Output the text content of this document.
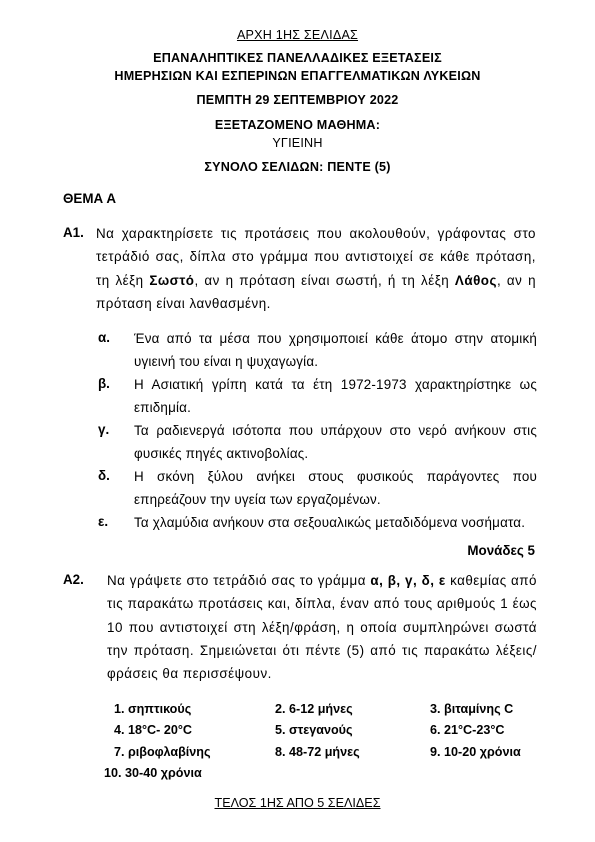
ΑΡΧΗ 1ΗΣ ΣΕΛΙΔΑΣ
ΕΠΑΝΑΛΗΠΤΙΚΕΣ ΠΑΝΕΛΛΑΔΙΚΕΣ ΕΞΕΤΑΣΕΙΣ
ΗΜΕΡΗΣΙΩΝ ΚΑΙ ΕΣΠΕΡΙΝΩΝ ΕΠΑΓΓΕΛΜΑΤΙΚΩΝ ΛΥΚΕΙΩΝ
ΠΕΜΠΤΗ 29 ΣΕΠΤΕΜΒΡΙΟΥ 2022
ΕΞΕΤΑΖΟΜΕΝΟ ΜΑΘΗΜΑ:
ΥΓΙΕΙΝΗ
ΣΥΝΟΛΟ ΣΕΛΙΔΩΝ: ΠΕΝΤΕ (5)
ΘΕΜΑ Α
Α1. Να χαρακτηρίσετε τις προτάσεις που ακολουθούν, γράφοντας στο τετράδιό σας, δίπλα στο γράμμα που αντιστοιχεί σε κάθε πρόταση, τη λέξη Σωστό, αν η πρόταση είναι σωστή, ή τη λέξη Λάθος, αν η πρόταση είναι λανθασμένη.
α. Ένα από τα μέσα που χρησιμοποιεί κάθε άτομο στην ατομική υγιεινή του είναι η ψυχαγωγία.
β. Η Ασιατική γρίπη κατά τα έτη 1972-1973 χαρακτηρίστηκε ως επιδημία.
γ. Τα ραδιενεργά ισότοπα που υπάρχουν στο νερό ανήκουν στις φυσικές πηγές ακτινοβολίας.
δ. Η σκόνη ξύλου ανήκει στους φυσικούς παράγοντες που επηρεάζουν την υγεία των εργαζομένων.
ε. Τα χλαμύδια ανήκουν στα σεξουαλικώς μεταδιδόμενα νοσήματα.
Μονάδες 5
Α2. Να γράψετε στο τετράδιό σας το γράμμα α, β, γ, δ, ε καθεμίας από τις παρακάτω προτάσεις και, δίπλα, έναν από τους αριθμούς 1 έως 10 που αντιστοιχεί στη λέξη/φράση, η οποία συμπληρώνει σωστά την πρόταση. Σημειώνεται ότι πέντε (5) από τις παρακάτω λέξεις/φράσεις θα περισσέψουν.
1. σηπτικούς	2. 6-12 μήνες	3. βιταμίνης C
4. 18°C- 20°C	5. στεγανούς	6. 21°C-23°C
7. ριβοφλαβίνης	8. 48-72 μήνες	9. 10-20 χρόνια
10. 30-40 χρόνια
ΤΕΛΟΣ 1ΗΣ ΑΠΟ 5 ΣΕΛΙΔΕΣ
